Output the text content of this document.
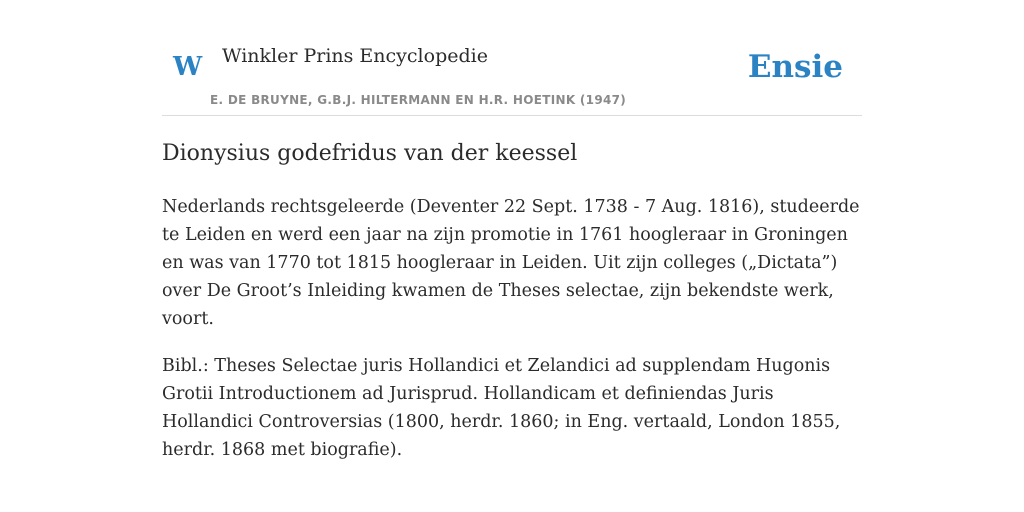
W Winkler Prins Encyclopedie
E. DE BRUYNE, G.B.J. HILTERMANN EN H.R. HOETINK (1947)
Ensie
Dionysius godefridus van der keessel

Nederlands rechtsgeleerde (Deventer 22 Sept. 1738 - 7 Aug. 1816), studeerde te Leiden en werd een jaar na zijn promotie in 1761 hoogleraar in Groningen en was van 1770 tot 1815 hoogleraar in Leiden. Uit zijn colleges („Dictata”) over De Groot’s Inleiding kwamen de Theses selectae, zijn bekendste werk, voort.

Bibl.: Theses Selectae juris Hollandici et Zelandici ad supplendam Hugonis Grotii Introductionem ad Jurisprud. Hollandicam et definiendas Juris Hollandici Controversias (1800, herdr. 1860; in Eng. vertaald, London 1855, herdr. 1868 met biografie).
